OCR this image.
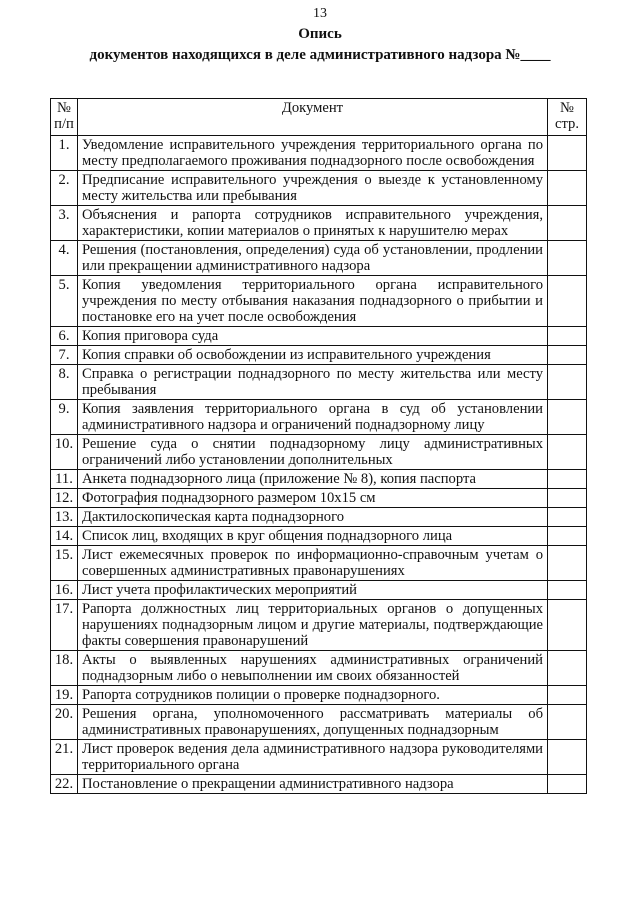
13
Опись
документов находящихся в деле административного надзора №____
№ п/п	Документ	№ стр.
1.	Уведомление исправительного учреждения территориального органа по месту предполагаемого проживания поднадзорного после освобождения	
2.	Предписание исправительного учреждения о выезде к установленному месту жительства или пребывания	
3.	Объяснения и рапорта сотрудников исправительного учреждения, характеристики, копии материалов о принятых к нарушителю мерах	
4.	Решения (постановления, определения) суда об установлении, продлении или прекращении административного надзора	
5.	Копия уведомления территориального органа исправительного учреждения по месту отбывания наказания поднадзорного о прибытии и постановке его на учет после освобождения	
6.	Копия приговора суда	
7.	Копия справки об освобождении из исправительного учреждения	
8.	Справка о регистрации поднадзорного по месту жительства или месту пребывания	
9.	Копия заявления территориального органа в суд об установлении административного надзора и ограничений поднадзорному лицу	
10.	Решение суда о снятии поднадзорному лицу административных ограничений либо установлении дополнительных	
11.	Анкета поднадзорного лица (приложение № 8), копия паспорта	
12.	Фотография поднадзорного размером 10х15 см	
13.	Дактилоскопическая карта поднадзорного	
14.	Список лиц, входящих в круг общения поднадзорного лица	
15.	Лист ежемесячных проверок по информационно-справочным учетам о совершенных административных правонарушениях	
16.	Лист учета профилактических мероприятий	
17.	Рапорта должностных лиц территориальных органов о допущенных нарушениях поднадзорным лицом и другие материалы, подтверждающие факты совершения правонарушений	
18.	Акты о выявленных нарушениях административных ограничений поднадзорным либо о невыполнении им своих обязанностей	
19.	Рапорта сотрудников полиции о проверке поднадзорного.	
20.	Решения органа, уполномоченного рассматривать материалы об административных правонарушениях, допущенных поднадзорным	
21.	Лист проверок ведения дела административного надзора руководителями территориального органа	
22.	Постановление о прекращении административного надзора	
